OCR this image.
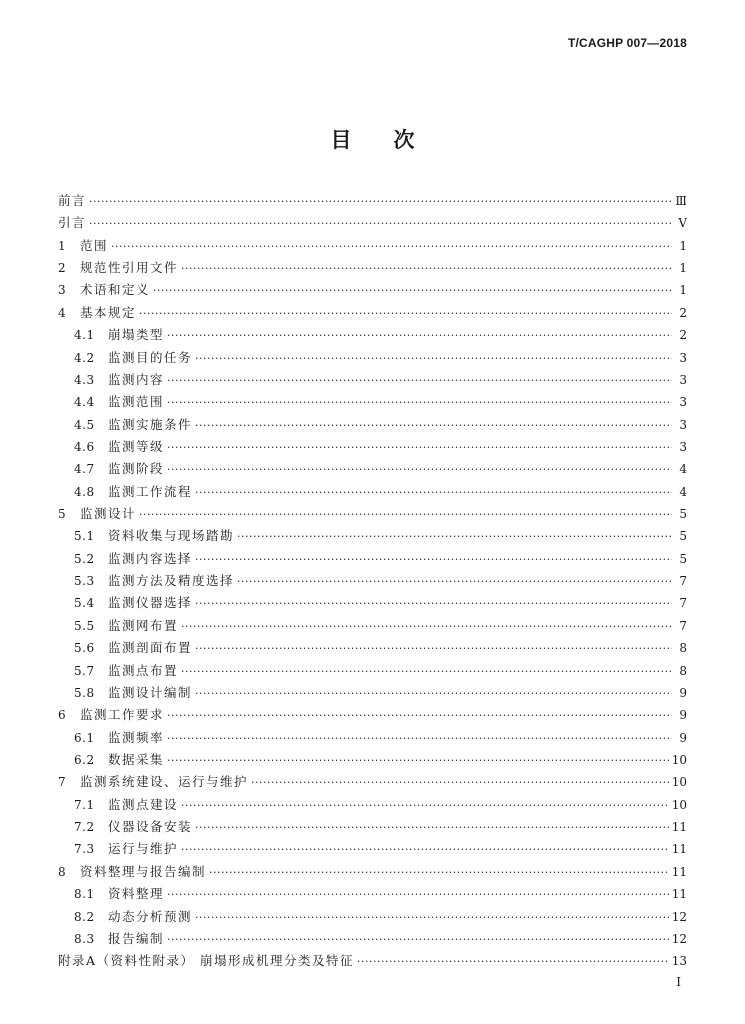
T/CAGHP 007—2018
目次
前言 ·····	Ⅲ
引言 ·····	Ⅴ
1	范围 ·····	1
2	规范性引用文件 ·····	1
3	术语和定义 ·····	1
4	基本规定 ·····	2
4.1	崩塌类型 ·····	2
4.2	监测目的任务 ·····	3
4.3	监测内容 ·····	3
4.4	监测范围 ·····	3
4.5	监测实施条件 ·····	3
4.6	监测等级 ·····	3
4.7	监测阶段 ·····	4
4.8	监测工作流程 ·····	4
5	监测设计 ·····	5
5.1	资料收集与现场踏勘 ·····	5
5.2	监测内容选择 ·····	5
5.3	监测方法及精度选择 ·····	7
5.4	监测仪器选择 ·····	7
5.5	监测网布置 ·····	7
5.6	监测剖面布置 ·····	8
5.7	监测点布置 ·····	8
5.8	监测设计编制 ·····	9
6	监测工作要求 ·····	9
6.1	监测频率 ·····	9
6.2	数据采集 ·····	10
7	监测系统建设、运行与维护 ·····	10
7.1	监测点建设 ·····	10
7.2	仪器设备安装 ·····	11
7.3	运行与维护 ·····	11
8	资料整理与报告编制 ·····	11
8.1	资料整理 ·····	11
8.2	动态分析预测 ·····	12
8.3	报告编制 ·····	12
附录A（资料性附录） 崩塌形成机理分类及特征 ·····	13
Ⅰ
